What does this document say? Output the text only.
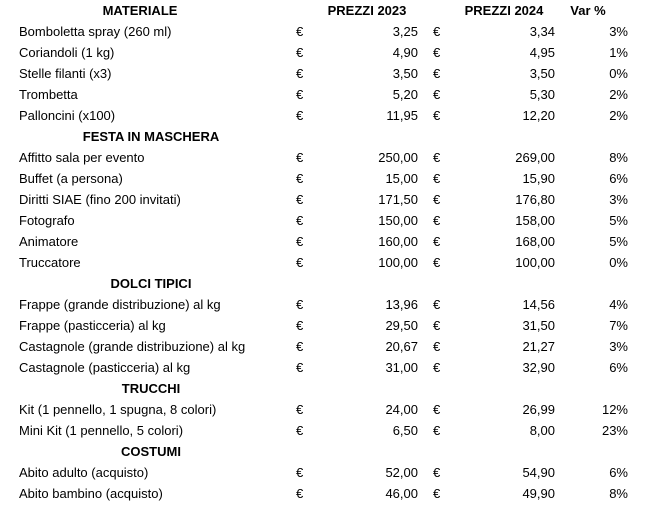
MATERIALE	PREZZI 2023	PREZZI 2024	Var %
Bomboletta spray (260 ml)	€	3,25 €	3,34	3%
Coriandoli (1 kg)	€	4,90 €	4,95	1%
Stelle filanti (x3)	€	3,50 €	3,50	0%
Trombetta	€	5,20 €	5,30	2%
Palloncini (x100)	€	11,95 €	12,20	2%
FESTA IN MASCHERA
Affitto sala per evento	€	250,00 €	269,00	8%
Buffet (a persona)	€	15,00 €	15,90	6%
Diritti SIAE (fino 200 invitati)	€	171,50 €	176,80	3%
Fotografo	€	150,00 €	158,00	5%
Animatore	€	160,00 €	168,00	5%
Truccatore	€	100,00 €	100,00	0%
DOLCI TIPICI
Frappe (grande distribuzione) al kg	€	13,96 €	14,56	4%
Frappe (pasticceria) al kg	€	29,50 €	31,50	7%
Castagnole (grande distribuzione) al kg	€	20,67 €	21,27	3%
Castagnole (pasticceria) al kg	€	31,00 €	32,90	6%
TRUCCHI
Kit (1 pennello, 1 spugna, 8 colori)	€	24,00 €	26,99	12%
Mini Kit (1 pennello, 5 colori)	€	6,50 €	8,00	23%
COSTUMI
Abito adulto (acquisto)	€	52,00 €	54,90	6%
Abito bambino (acquisto)	€	46,00 €	49,90	8%
